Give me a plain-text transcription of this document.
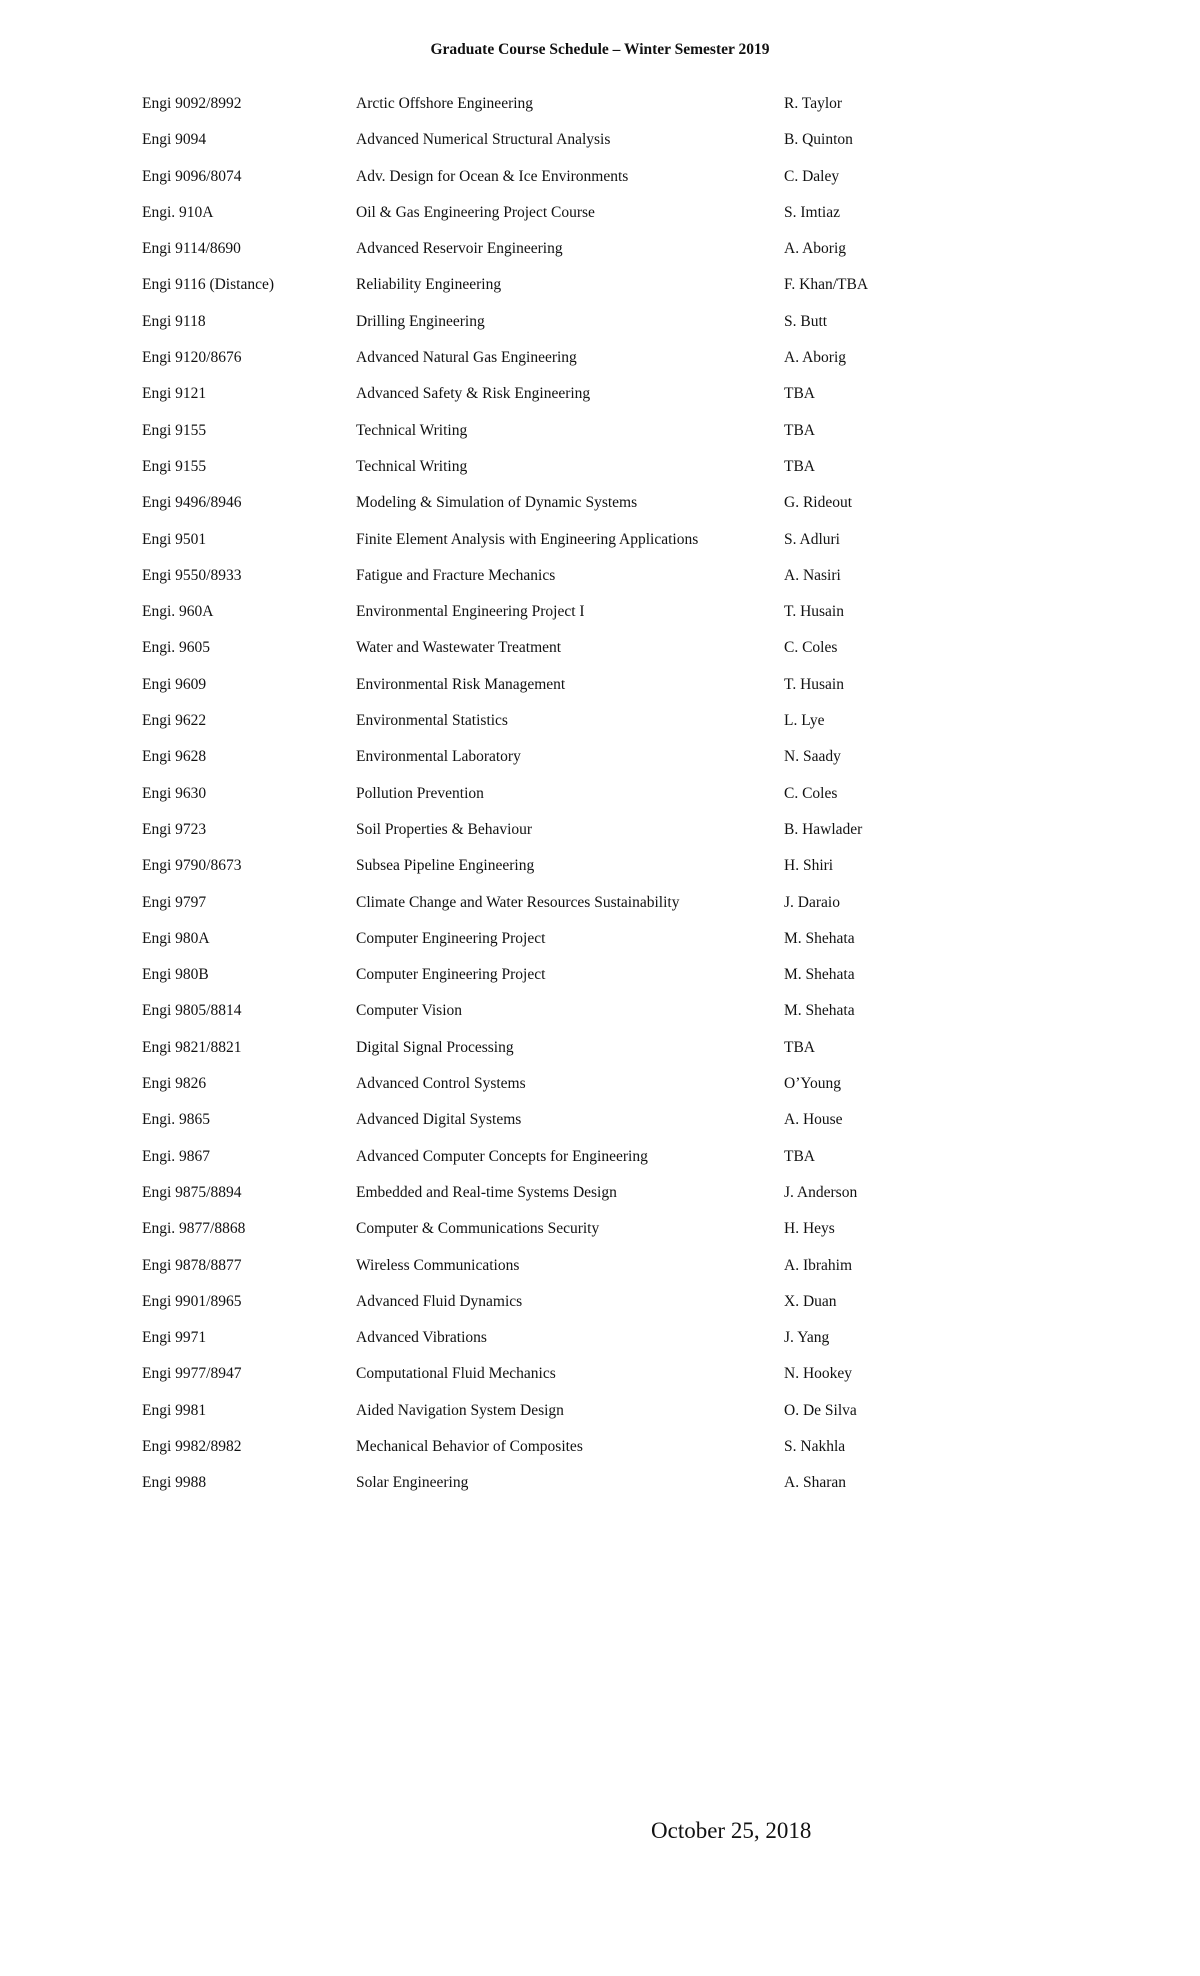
Graduate Course Schedule – Winter Semester 2019
Engi 9092/8992	Arctic Offshore Engineering	R. Taylor
Engi 9094	Advanced Numerical Structural Analysis	B. Quinton
Engi 9096/8074	Adv. Design for Ocean & Ice Environments	C. Daley
Engi. 910A	Oil & Gas Engineering Project Course	S. Imtiaz
Engi 9114/8690	Advanced Reservoir Engineering	A. Aborig
Engi 9116 (Distance)	Reliability Engineering	F. Khan/TBA
Engi 9118	Drilling Engineering	S. Butt
Engi 9120/8676	Advanced Natural Gas Engineering	A. Aborig
Engi 9121	Advanced Safety & Risk Engineering	TBA
Engi 9155	Technical Writing	TBA
Engi 9155	Technical Writing	TBA
Engi 9496/8946	Modeling & Simulation of Dynamic Systems	G. Rideout
Engi 9501	Finite Element Analysis with Engineering Applications	S. Adluri
Engi 9550/8933	Fatigue and Fracture Mechanics	A. Nasiri
Engi. 960A	Environmental Engineering Project I	T. Husain
Engi. 9605	Water and Wastewater Treatment	C. Coles
Engi 9609	Environmental Risk Management	T. Husain
Engi 9622	Environmental Statistics	L. Lye
Engi 9628	Environmental Laboratory	N. Saady
Engi 9630	Pollution Prevention	C. Coles
Engi 9723	Soil Properties & Behaviour	B. Hawlader
Engi 9790/8673	Subsea Pipeline Engineering	H. Shiri
Engi 9797	Climate Change and Water Resources Sustainability	J. Daraio
Engi 980A	Computer Engineering Project	M. Shehata
Engi 980B	Computer Engineering Project	M. Shehata
Engi 9805/8814	Computer Vision	M. Shehata
Engi 9821/8821	Digital Signal Processing	TBA
Engi 9826	Advanced Control Systems	O’Young
Engi. 9865	Advanced Digital Systems	A. House
Engi. 9867	Advanced Computer Concepts for Engineering	TBA
Engi 9875/8894	Embedded and Real-time Systems Design	J. Anderson
Engi. 9877/8868	Computer & Communications Security	H. Heys
Engi 9878/8877	Wireless Communications	A. Ibrahim
Engi 9901/8965	Advanced Fluid Dynamics	X. Duan
Engi 9971	Advanced Vibrations	J. Yang
Engi 9977/8947	Computational Fluid Mechanics	N. Hookey
Engi 9981	Aided Navigation System Design	O. De Silva
Engi 9982/8982	Mechanical Behavior of Composites	S. Nakhla
Engi 9988	Solar Engineering	A. Sharan
October 25, 2018
